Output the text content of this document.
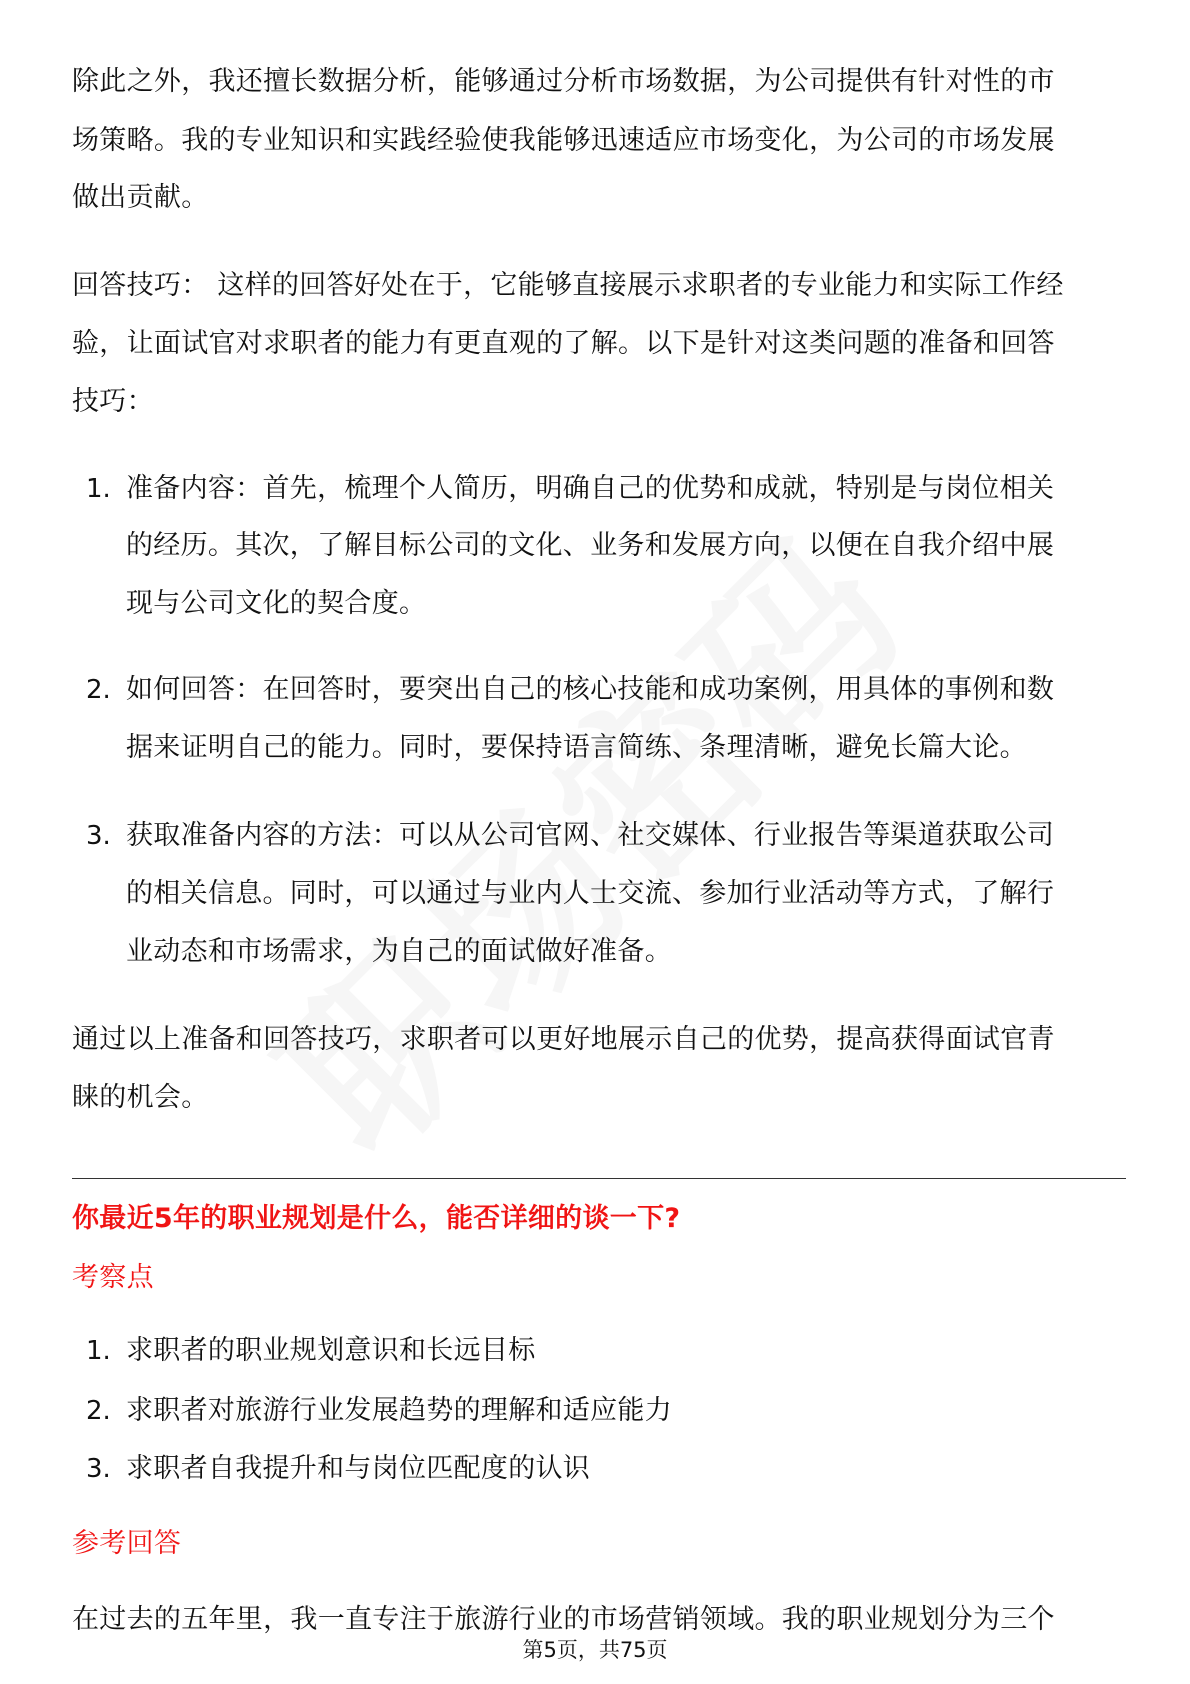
除此之外，我还擅长数据分析，能够通过分析市场数据，为公司提供有针对性的市
场策略。我的专业知识和实践经验使我能够迅速适应市场变化，为公司的市场发展
做出贡献。
回答技巧： 这样的回答好处在于，它能够直接展示求职者的专业能力和实际工作经
验，让面试官对求职者的能力有更直观的了解。以下是针对这类问题的准备和回答
技巧：
1. 准备内容：首先，梳理个人简历，明确自己的优势和成就，特别是与岗位相关
的经历。其次，了解目标公司的文化、业务和发展方向，以便在自我介绍中展
现与公司文化的契合度。
2. 如何回答：在回答时，要突出自己的核心技能和成功案例，用具体的事例和数
据来证明自己的能力。同时，要保持语言简练、条理清晰，避免长篇大论。
3. 获取准备内容的方法：可以从公司官网、社交媒体、行业报告等渠道获取公司
的相关信息。同时，可以通过与业内人士交流、参加行业活动等方式，了解行
业动态和市场需求，为自己的面试做好准备。
通过以上准备和回答技巧，求职者可以更好地展示自己的优势，提高获得面试官青
睐的机会。
你最近5年的职业规划是什么，能否详细的谈一下?
考察点
1. 求职者的职业规划意识和长远目标
2. 求职者对旅游行业发展趋势的理解和适应能力
3. 求职者自我提升和与岗位匹配度的认识
参考回答
在过去的五年里，我一直专注于旅游行业的市场营销领域。我的职业规划分为三个
第5页，共75页
